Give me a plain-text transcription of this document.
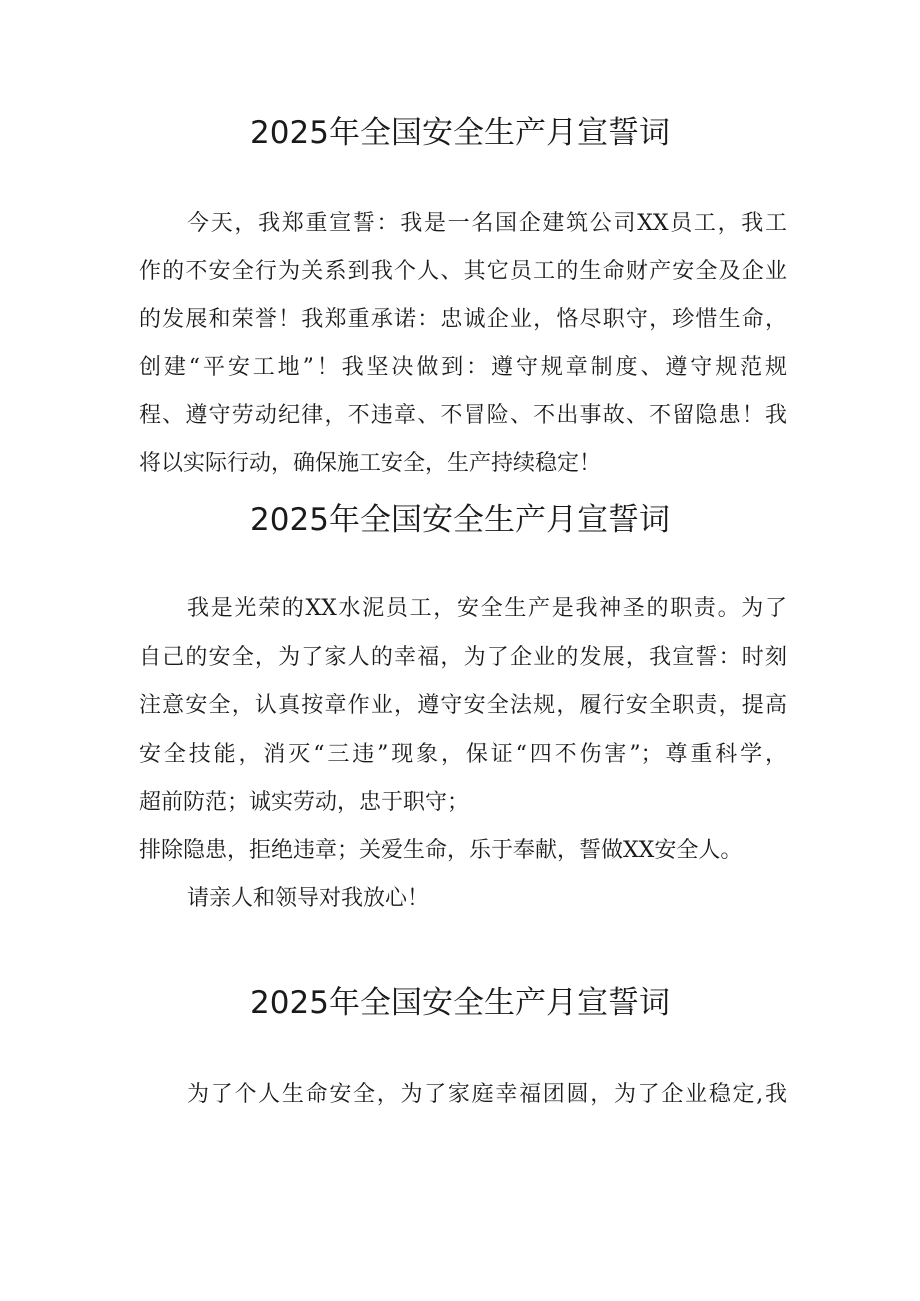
2025年全国安全生产月宣誓词
今天，我郑重宣誓：我是一名国企建筑公司XX员工，我工
作的不安全行为关系到我个人、其它员工的生命财产安全及企业
的发展和荣誉！我郑重承诺：忠诚企业，恪尽职守，珍惜生命，
创建“平安工地”！我坚决做到：遵守规章制度、遵守规范规
程、遵守劳动纪律，不违章、不冒险、不出事故、不留隐患！我
将以实际行动，确保施工安全，生产持续稳定！
2025年全国安全生产月宣誓词
我是光荣的XX水泥员工，安全生产是我神圣的职责。为了
自己的安全，为了家人的幸福，为了企业的发展，我宣誓：时刻
注意安全，认真按章作业，遵守安全法规，履行安全职责，提高
安全技能，消灭“三违”现象，保证“四不伤害”；尊重科学，
超前防范；诚实劳动，忠于职守；
排除隐患，拒绝违章；关爱生命，乐于奉献，誓做XX安全人。
请亲人和领导对我放心！
2025年全国安全生产月宣誓词
为了个人生命安全，为了家庭幸福团圆，为了企业稳定,我
